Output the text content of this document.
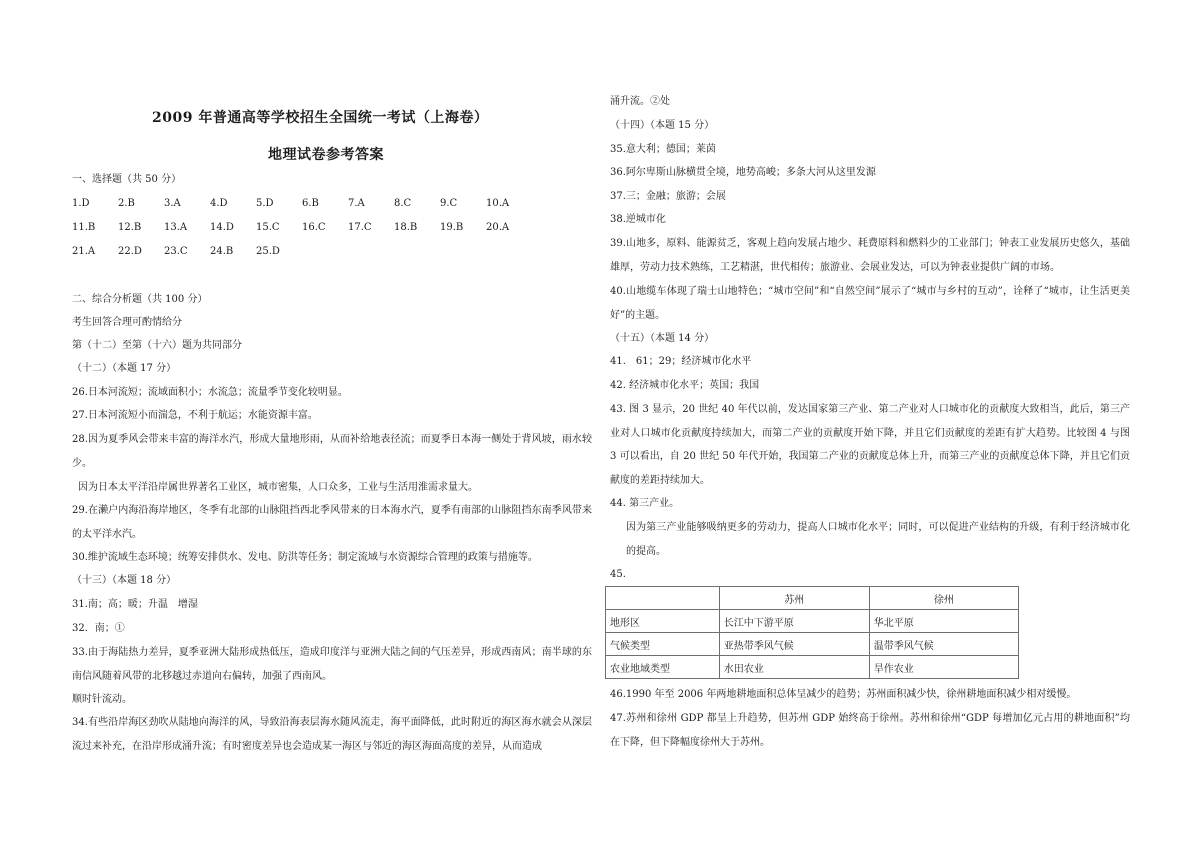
2009 年普通高等学校招生全国统一考试（上海卷）
地理试卷参考答案
一、选择题（共 50 分）
1.D	2.B	3.A	4.D	5.D	6.B	7.A	8.C	9.C	10.A
11.B	12.B	13.A	14.D	15.C	16.C	17.C	18.B	19.B	20.A
21.A	22.D	23.C	24.B	25.D
二、综合分析题（共 100 分）
考生回答合理可酌情给分
第（十二）至第（十六）题为共同部分
（十二）（本题 17 分）
26.日本河流短；流域面积小；水流急；流量季节变化较明显。
27.日本河流短小而湍急，不利于航运；水能资源丰富。
28.因为夏季风会带来丰富的海洋水汽，形成大量地形雨，从而补给地表径流；而夏季日本海一侧处于背风坡，雨水较少。
因为日本太平洋沿岸属世界著名工业区，城市密集，人口众多，工业与生活用淮需求量大。
29.在濑户内海沿海岸地区，冬季有北部的山脉阻挡西北季风带来的日本海水汽，夏季有南部的山脉阻挡东南季风带来的太平洋水汽。
30.维护流域生态环境；统筹安排供水、发电、防洪等任务；制定流域与水资源综合管理的政策与措施等。
（十三）（本题 18 分）
31.南；高；暖；升温　增湿
32．南；①
33.由于海陆热力差异，夏季亚洲大陆形成热低压，造成印度洋与亚洲大陆之间的气压差异，形成西南风；南半球的东南信风随着风带的北移越过赤道向右偏转，加强了西南风。
顺时针流动。
34.有些沿岸海区劲吹从陆地向海洋的风，导致沿海表层海水随风流走，海平面降低，此时附近的海区海水就会从深层流过来补充，在沿岸形成涌升流；有时密度差异也会造成某一海区与邻近的海区海面高度的差异，从而造成
涌升流。②处
（十四）（本题 15 分）
35.意大利；德国；莱茵
36.阿尔卑斯山脉横贯全境，地势高峻；多条大河从这里发源
37.三；金融；旅游；会展
38.逆城市化
39.山地多，原料、能源贫乏，客观上趋向发展占地少、耗费原料和燃料少的工业部门；钟表工业发展历史悠久，基础雄厚，劳动力技术熟练，工艺精湛，世代相传；旅游业、会展业发达，可以为钟表业提供广阔的市场。
40.山地缆车体现了瑞士山地特色；“城市空间”和“自然空间”展示了“城市与乡村的互动”，诠释了“城市，让生活更美好”的主题。
（十五）（本题 14 分）
41.　61；29；经济城市化水平
42. 经济城市化水平；英国；我国
43. 图 3 显示，20 世纪 40 年代以前，发达国家第三产业、第二产业对人口城市化的贡献度大致相当，此后，第三产业对人口城市化贡献度持续加大，而第二产业的贡献度开始下降，并且它们贡献度的差距有扩大趋势。比较图 4 与图 3 可以看出，自 20 世纪 50 年代开始，我国第二产业的贡献度总体上升，而第三产业的贡献度总体下降，并且它们贡献度的差距持续加大。
44. 第三产业。
因为第三产业能够吸纳更多的劳动力，提高人口城市化水平；同时，可以促进产业结构的升级，有利于经济城市化的提高。
45.
46.1990 年至 2006 年两地耕地面积总体呈减少的趋势；苏州面积减少快，徐州耕地面积减少相对缓慢。
47.苏州和徐州 GDP 都呈上升趋势，但苏州 GDP 始终高于徐州。苏州和徐州“GDP 每增加亿元占用的耕地面积”均在下降，但下降幅度徐州大于苏州。
	苏州	徐州
地形区	长江中下游平原	华北平原
气候类型	亚热带季风气候	温带季风气候
农业地域类型	水田农业	旱作农业
